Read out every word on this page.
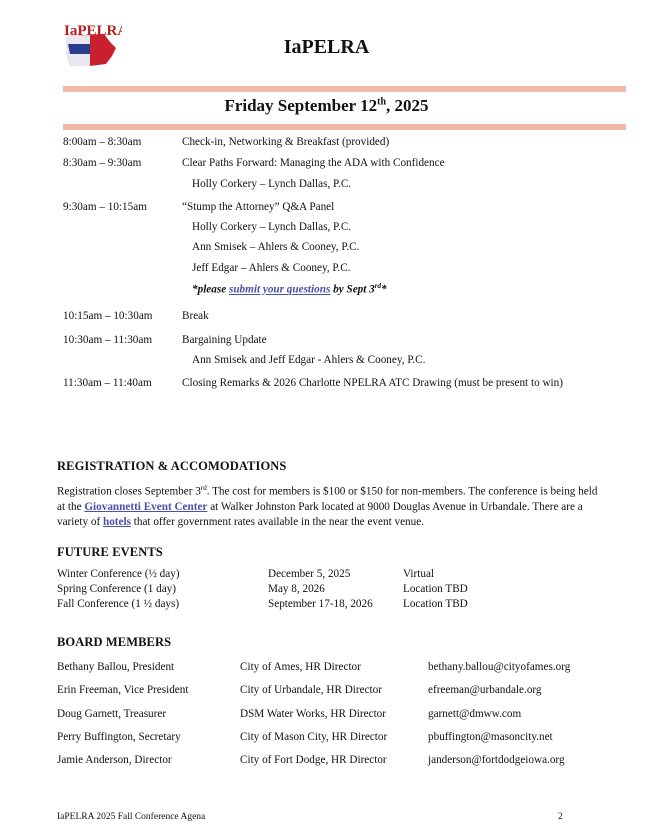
IaPELRA
IaPELRA
Friday September 12th, 2025
8:00am – 8:30am	Check-in, Networking & Breakfast (provided)
8:30am – 9:30am	Clear Paths Forward: Managing the ADA with Confidence
Holly Corkery – Lynch Dallas, P.C.
9:30am – 10:15am	“Stump the Attorney” Q&A Panel
Holly Corkery – Lynch Dallas, P.C.
Ann Smisek – Ahlers & Cooney, P.C.
Jeff Edgar – Ahlers & Cooney, P.C.
*please submit your questions by Sept 3rd*
10:15am – 10:30am	Break
10:30am – 11:30am	Bargaining Update
Ann Smisek and Jeff Edgar - Ahlers & Cooney, P.C.
11:30am – 11:40am	Closing Remarks & 2026 Charlotte NPELRA ATC Drawing (must be present to win)
REGISTRATION & ACCOMODATIONS
Registration closes September 3rd. The cost for members is $100 or $150 for non-members. The conference is being held at the Giovannetti Event Center at Walker Johnston Park located at 9000 Douglas Avenue in Urbandale. There are a variety of hotels that offer government rates available in the near the event venue.
FUTURE EVENTS
Winter Conference (½ day)	December 5, 2025	Virtual
Spring Conference (1 day)	May 8, 2026	Location TBD
Fall Conference (1 ½ days)	September 17-18, 2026	Location TBD
BOARD MEMBERS
Bethany Ballou, President	City of Ames, HR Director	bethany.ballou@cityofames.org
Erin Freeman, Vice President	City of Urbandale, HR Director	efreeman@urbandale.org
Doug Garnett, Treasurer	DSM Water Works, HR Director	garnett@dmww.com
Perry Buffington, Secretary	City of Mason City, HR Director	pbuffington@masoncity.net
Jamie Anderson, Director	City of Fort Dodge, HR Director	janderson@fortdodgeiowa.org
IaPELRA 2025 Fall Conference Agena	2
